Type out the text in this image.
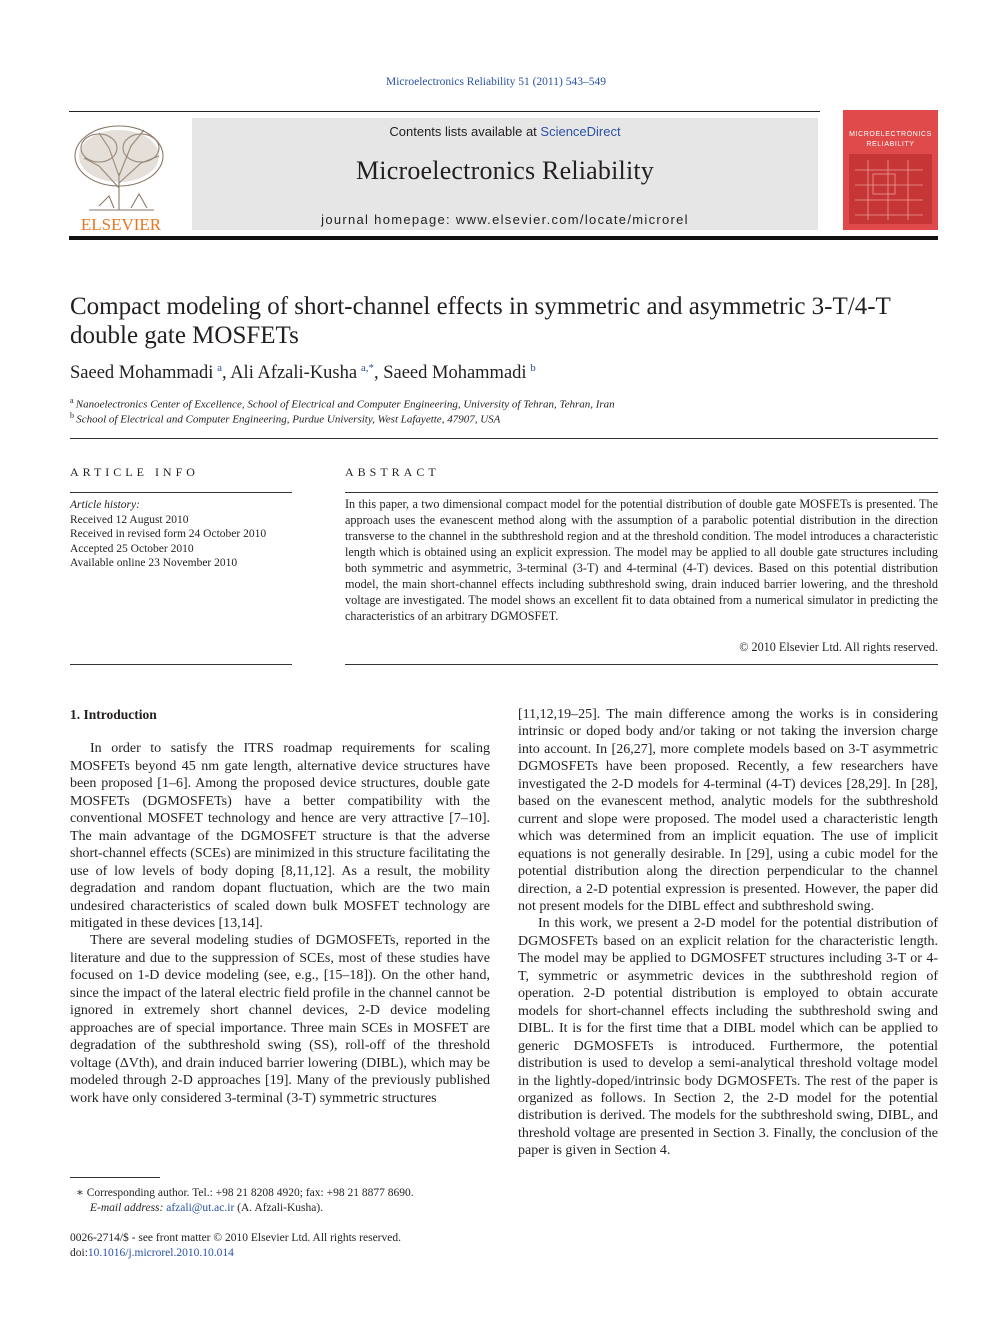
Microelectronics Reliability 51 (2011) 543–549
ELSEVIER
Contents lists available at ScienceDirect
Microelectronics Reliability
journal homepage: www.elsevier.com/locate/microrel
MICROELECTRONICS
RELIABILITY
Compact modeling of short-channel effects in symmetric and asymmetric 3-T/4-T
double gate MOSFETs
Saeed Mohammadi  $^a$, Ali Afzali-Kusha  $^{a,*}$, Saeed Mohammadi  $^b$
$^a$  Nanoelectronics Center of Excellence, School of Electrical and Computer Engineering, University of Tehran, Tehran, Iran
$^b$  School of Electrical and Computer Engineering, Purdue University, West Lafayette, 47907, USA
ARTICLE INFO
Article history:
Received 12 August 2010
Received in revised form 24 October 2010
Accepted 25 October 2010
Available online 23 November 2010
ABSTRACT
In this paper, a two dimensional compact model for the potential distribution of double gate MOSFETs is presented. The approach uses the evanescent method along with the assumption of a parabolic potential distribution in the direction transverse to the channel in the subthreshold region and at the threshold condition. The model introduces a characteristic length which is obtained using an explicit expression. The model may be applied to all double gate structures including both symmetric and asymmetric, 3-terminal (3-T) and 4-terminal (4-T) devices. Based on this potential distribution model, the main short-channel effects including subthreshold swing, drain induced barrier lowering, and the threshold voltage are investigated. The model shows an excellent fit to data obtained from a numerical simulator in predicting the characteristics of an arbitrary DGMOSFET.
© 2010 Elsevier Ltd. All rights reserved.
1. Introduction

In order to satisfy the ITRS roadmap requirements for scaling MOSFETs beyond 45 nm gate length, alternative device structures have been proposed [1–6]. Among the proposed device structures, double gate MOSFETs (DGMOSFETs) have a better compatibility with the conventional MOSFET technology and hence are very attractive [7–10]. The main advantage of the DGMOSFET structure is that the adverse short-channel effects (SCEs) are minimized in this structure facilitating the use of low levels of body doping [8,11,12]. As a result, the mobility degradation and random dopant fluctuation, which are the two main undesired characteristics of scaled down bulk MOSFET technology are mitigated in these devices [13,14].

There are several modeling studies of DGMOSFETs, reported in the literature and due to the suppression of SCEs, most of these studies have focused on 1-D device modeling (see, e.g., [15–18]). On the other hand, since the impact of the lateral electric field profile in the channel cannot be ignored in extremely short channel devices, 2-D device modeling approaches are of special importance. Three main SCEs in MOSFET are degradation of the subthreshold swing (SS), roll-off of the threshold voltage (ΔVth), and drain induced barrier lowering (DIBL), which may be modeled through 2-D approaches [19]. Many of the previously published work have only considered 3-terminal (3-T) symmetric structures

[11,12,19–25]. The main difference among the works is in considering intrinsic or doped body and/or taking or not taking the inversion charge into account. In [26,27], more complete models based on 3-T asymmetric DGMOSFETs have been proposed. Recently, a few researchers have investigated the 2-D models for 4-terminal (4-T) devices [28,29]. In [28], based on the evanescent method, analytic models for the subthreshold current and slope were proposed. The model used a characteristic length which was determined from an implicit equation. The use of implicit equations is not generally desirable. In [29], using a cubic model for the potential distribution along the direction perpendicular to the channel direction, a 2-D potential expression is presented. However, the paper did not present models for the DIBL effect and subthreshold swing.

In this work, we present a 2-D model for the potential distribution of DGMOSFETs based on an explicit relation for the characteristic length. The model may be applied to DGMOSFET structures including 3-T or 4-T, symmetric or asymmetric devices in the subthreshold region of operation. 2-D potential distribution is employed to obtain accurate models for short-channel effects including the subthreshold swing and DIBL. It is for the first time that a DIBL model which can be applied to generic DGMOSFETs is introduced. Furthermore, the potential distribution is used to develop a semi-analytical threshold voltage model in the lightly-doped/intrinsic body DGMOSFETs. The rest of the paper is organized as follows. In Section 2, the 2-D model for the potential distribution is derived. The models for the subthreshold swing, DIBL, and threshold voltage are presented in Section 3. Finally, the conclusion of the paper is given in Section 4.

∗ Corresponding author. Tel.: +98 21 8208 4920; fax: +98 21 8877 8690.
E-mail address: afzali@ut.ac.ir (A. Afzali-Kusha).
0026-2714/$ - see front matter © 2010 Elsevier Ltd. All rights reserved.
doi:10.1016/j.microrel.2010.10.014
